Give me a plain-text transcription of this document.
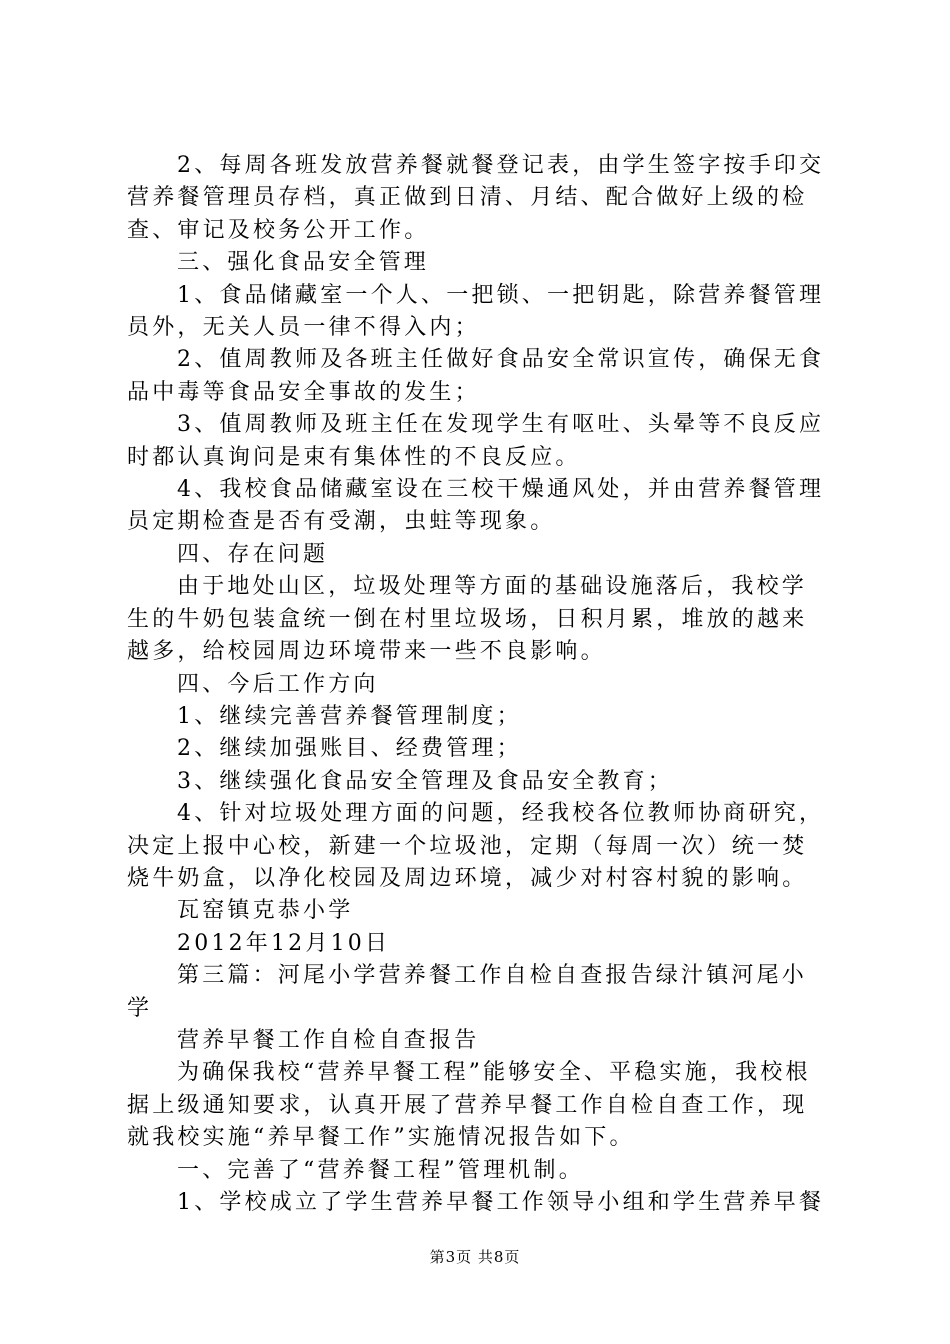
2、每周各班发放营养餐就餐登记表，由学生签字按手印交营养餐管理员存档，真正做到日清、月结、配合做好上级的检查、审记及校务公开工作。

三、强化食品安全管理

1、食品储藏室一个人、一把锁、一把钥匙，除营养餐管理员外，无关人员一律不得入内；

2、值周教师及各班主任做好食品安全常识宣传，确保无食品中毒等食品安全事故的发生；

3、值周教师及班主任在发现学生有呕吐、头晕等不良反应时都认真询问是束有集体性的不良反应。

4、我校食品储藏室设在三校干燥通风处，并由营养餐管理员定期检查是否有受潮，虫蛀等现象。

四、存在问题

由于地处山区，垃圾处理等方面的基础设施落后，我校学生的牛奶包装盒统一倒在村里垃圾场，日积月累，堆放的越来越多，给校园周边环境带来一些不良影响。

四、今后工作方向

1、继续完善营养餐管理制度；

2、继续加强账目、经费管理；

3、继续强化食品安全管理及食品安全教育；

4、针对垃圾处理方面的问题，经我校各位教师协商研究，决定上报中心校，新建一个垃圾池，定期（每周一次）统一焚烧牛奶盒，以净化校园及周边环境，减少对村容村貌的影响。

瓦窑镇克恭小学

2012年12月10日

第三篇：河尾小学营养餐工作自检自查报告绿汁镇河尾小学

营养早餐工作自检自查报告

为确保我校“营养早餐工程”能够安全、平稳实施，我校根据上级通知要求，认真开展了营养早餐工作自检自查工作，现就我校实施“养早餐工作”实施情况报告如下。

一、完善了“营养餐工程”管理机制。

1、学校成立了学生营养早餐工作领导小组和学生营养早餐

第3页 共8页
